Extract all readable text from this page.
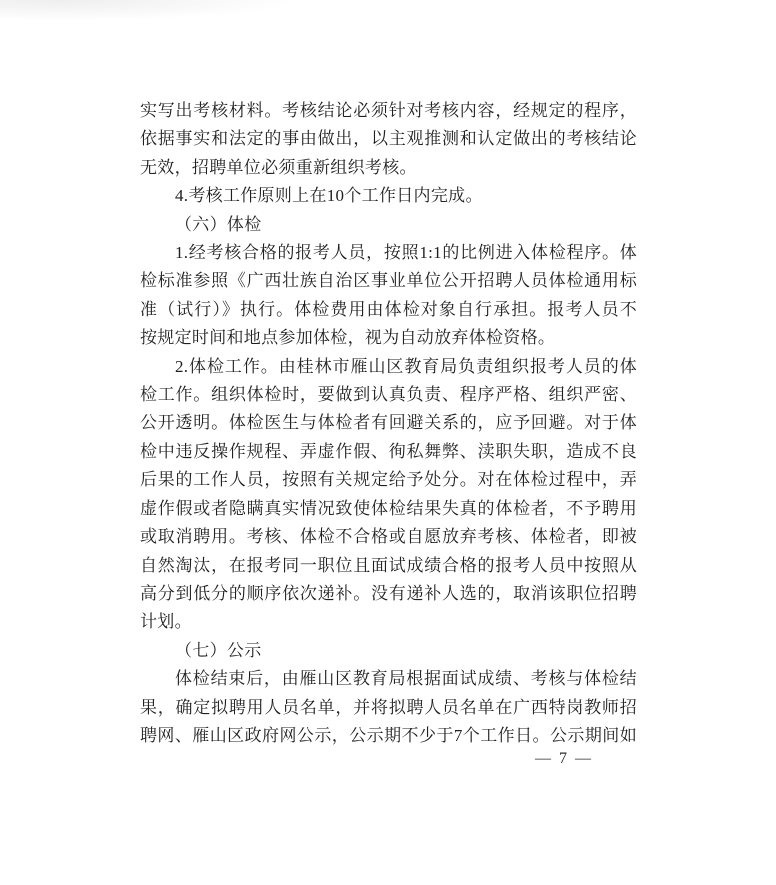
实写出考核材料。考核结论必须针对考核内容，经规定的程序，
依据事实和法定的事由做出，以主观推测和认定做出的考核结论
无效，招聘单位必须重新组织考核。
4.考核工作原则上在10个工作日内完成。
（六）体检
1.经考核合格的报考人员，按照1:1的比例进入体检程序。体
检标准参照《广西壮族自治区事业单位公开招聘人员体检通用标
准（试行）》执行。体检费用由体检对象自行承担。报考人员不
按规定时间和地点参加体检，视为自动放弃体检资格。
2.体检工作。由桂林市雁山区教育局负责组织报考人员的体
检工作。组织体检时，要做到认真负责、程序严格、组织严密、
公开透明。体检医生与体检者有回避关系的，应予回避。对于体
检中违反操作规程、弄虚作假、徇私舞弊、渎职失职，造成不良
后果的工作人员，按照有关规定给予处分。对在体检过程中，弄
虚作假或者隐瞒真实情况致使体检结果失真的体检者，不予聘用
或取消聘用。考核、体检不合格或自愿放弃考核、体检者，即被
自然淘汰，在报考同一职位且面试成绩合格的报考人员中按照从
高分到低分的顺序依次递补。没有递补人选的，取消该职位招聘
计划。
（七）公示
体检结束后，由雁山区教育局根据面试成绩、考核与体检结
果，确定拟聘用人员名单，并将拟聘人员名单在广西特岗教师招
聘网、雁山区政府网公示，公示期不少于7个工作日。公示期间如
— 7 —
